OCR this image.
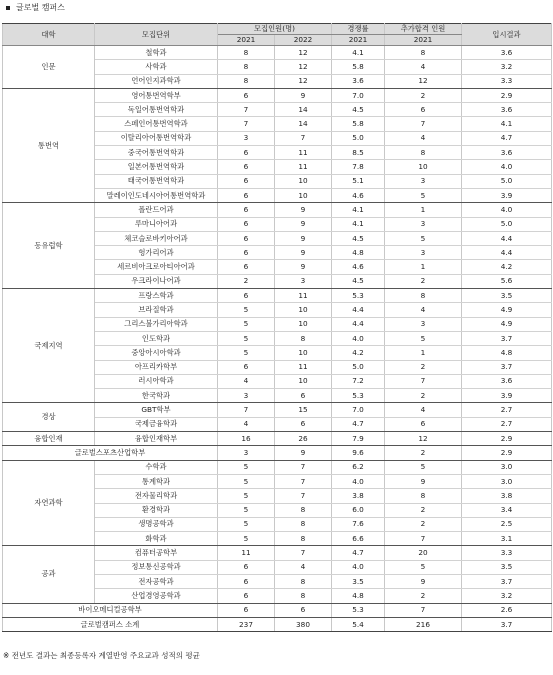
글로벌 캠퍼스
대학	모집단위	모집인원(명)		경쟁률	추가합격 인원	입시결과
		2021	2022	2021	2021	
인문	철학과	8	12	4.1	8	3.6
	사학과	8	12	5.8	4	3.2
	언어인지과학과	8	12	3.6	12	3.3
통번역	영어통번역학부	6	9	7.0	2	2.9
	독일어통번역학과	7	14	4.5	6	3.6
	스페인어통번역학과	7	14	5.8	7	4.1
	이탈리아어통번역학과	3	7	5.0	4	4.7
	중국어통번역학과	6	11	8.5	8	3.6
	일본어통번역학과	6	11	7.8	10	4.0
	태국어통번역학과	6	10	5.1	3	5.0
	말레이인도네시아어통번역학과	6	10	4.6	5	3.9
동유럽학	폴란드어과	6	9	4.1	1	4.0
	루마니아어과	6	9	4.1	3	5.0
	체코슬로바키아어과	6	9	4.5	5	4.4
	헝가리어과	6	9	4.8	3	4.4
	세르비아크로아티아어과	6	9	4.6	1	4.2
	우크라이나어과	2	3	4.5	2	5.6
국제지역	프랑스학과	6	11	5.3	8	3.5
	브라질학과	5	10	4.4	4	4.9
	그리스불가리아학과	5	10	4.4	3	4.9
	인도학과	5	8	4.0	5	3.7
	중앙아시아학과	5	10	4.2	1	4.8
	아프리카학부	6	11	5.0	2	3.7
	러시아학과	4	10	7.2	7	3.6
	한국학과	3	6	5.3	2	3.9
경상	GBT학부	7	15	7.0	4	2.7
	국제금융학과	4	6	4.7	6	2.7
융합인재	융합인재학부	16	26	7.9	12	2.9
글로벌스포츠산업학부		3	9	9.6	2	2.9
자연과학	수학과	5	7	6.2	5	3.0
	통계학과	5	7	4.0	9	3.0
	전자물리학과	5	7	3.8	8	3.8
	환경학과	5	8	6.0	2	3.4
	생명공학과	5	8	7.6	2	2.5
	화학과	5	8	6.6	7	3.1
공과	컴퓨터공학부	11	7	4.7	20	3.3
	정보통신공학과	6	4	4.0	5	3.5
	전자공학과	6	8	3.5	9	3.7
	산업경영공학과	6	8	4.8	2	3.2
바이오메디컬공학부		6	6	5.3	7	2.6
글로벌캠퍼스 소계		237	380	5.4	216	3.7
※ 전년도 결과는 최종등록자 계열반영 주요교과 성적의 평균
